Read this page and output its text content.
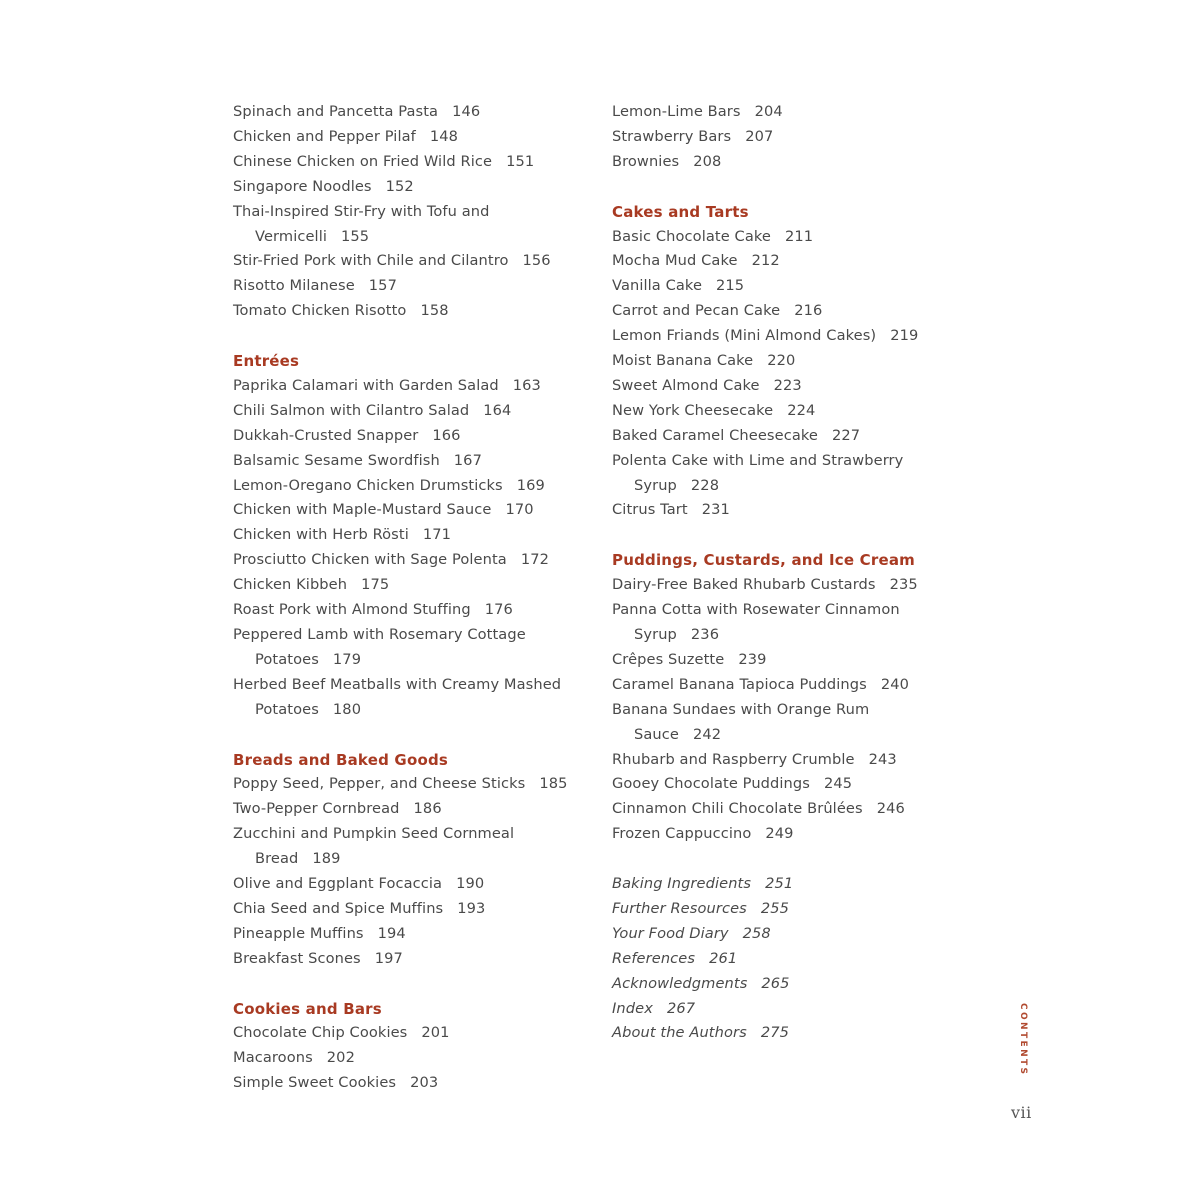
Spinach and Pancetta Pasta 146
Chicken and Pepper Pilaf 148
Chinese Chicken on Fried Wild Rice 151
Singapore Noodles 152
Thai-Inspired Stir-Fry with Tofu and
Vermicelli 155
Stir-Fried Pork with Chile and Cilantro 156
Risotto Milanese 157
Tomato Chicken Risotto 158
Entrées
Paprika Calamari with Garden Salad 163
Chili Salmon with Cilantro Salad 164
Dukkah-Crusted Snapper 166
Balsamic Sesame Swordfish 167
Lemon-Oregano Chicken Drumsticks 169
Chicken with Maple-Mustard Sauce 170
Chicken with Herb Rösti 171
Prosciutto Chicken with Sage Polenta 172
Chicken Kibbeh 175
Roast Pork with Almond Stuffing 176
Peppered Lamb with Rosemary Cottage
Potatoes 179
Herbed Beef Meatballs with Creamy Mashed
Potatoes 180
Breads and Baked Goods
Poppy Seed, Pepper, and Cheese Sticks 185
Two-Pepper Cornbread 186
Zucchini and Pumpkin Seed Cornmeal
Bread 189
Olive and Eggplant Focaccia 190
Chia Seed and Spice Muffins 193
Pineapple Muffins 194
Breakfast Scones 197
Cookies and Bars
Chocolate Chip Cookies 201
Macaroons 202
Simple Sweet Cookies 203
Lemon-Lime Bars 204
Strawberry Bars 207
Brownies 208
Cakes and Tarts
Basic Chocolate Cake 211
Mocha Mud Cake 212
Vanilla Cake 215
Carrot and Pecan Cake 216
Lemon Friands (Mini Almond Cakes) 219
Moist Banana Cake 220
Sweet Almond Cake 223
New York Cheesecake 224
Baked Caramel Cheesecake 227
Polenta Cake with Lime and Strawberry
Syrup 228
Citrus Tart 231
Puddings, Custards, and Ice Cream
Dairy-Free Baked Rhubarb Custards 235
Panna Cotta with Rosewater Cinnamon
Syrup 236
Crêpes Suzette 239
Caramel Banana Tapioca Puddings 240
Banana Sundaes with Orange Rum
Sauce 242
Rhubarb and Raspberry Crumble 243
Gooey Chocolate Puddings 245
Cinnamon Chili Chocolate Brûlées 246
Frozen Cappuccino 249
Baking Ingredients 251
Further Resources 255
Your Food Diary 258
References 261
Acknowledgments 265
Index 267
About the Authors 275	CONTENTS
vii
